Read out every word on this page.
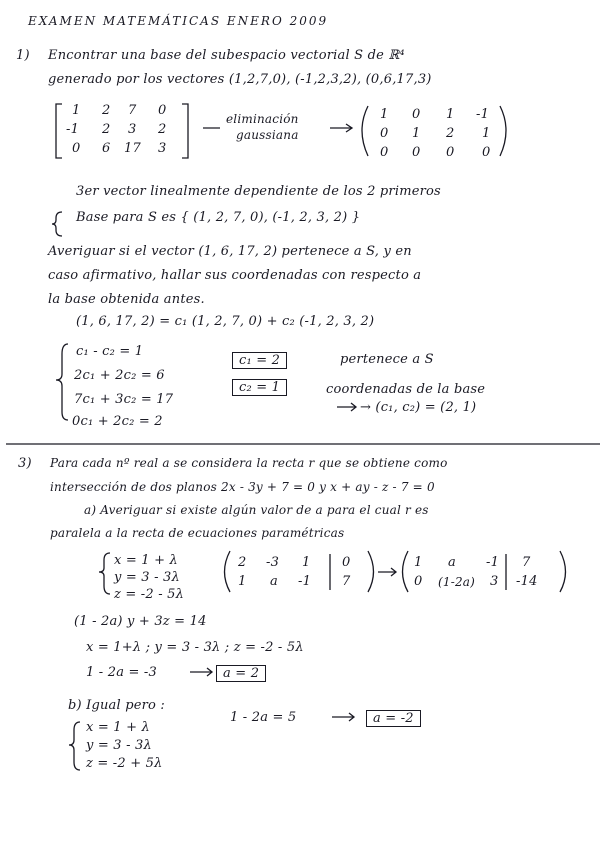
EXAMEN MATEMÁTICAS ENERO 2009
1) Encontrar una base del subespacio vectorial S de ℝ⁴
generado por los vectores (1,2,7,0), (-1,2,3,2), (0,6,17,3)
1 2 7 0
-1 2 3 2
0 6 17 3
eliminación
gaussiana
1 0 1 -1
0 1 2 1
0 0 0 0
3er vector linealmente dependiente de los 2 primeros
Base para S es { (1, 2, 7, 0), (-1, 2, 3, 2) }
Averiguar si el vector (1, 6, 17, 2) pertenece a S, y en
caso afirmativo, hallar sus coordenadas con respecto a
la base obtenida antes.
(1, 6, 17, 2) = c₁ (1, 2, 7, 0) + c₂ (-1, 2, 3, 2)
c₁ - c₂ = 1
2c₁ + 2c₂ = 6
7c₁ + 3c₂ = 17
0c₁ + 2c₂ = 2
c₁ = 2
c₂ = 1
pertenece a S
coordenadas de la base
→ (c₁, c₂) = (2, 1)
3) Para cada nº real a se considera la recta r que se obtiene como
intersección de dos planos 2x - 3y + 7 = 0 y x + ay - z - 7 = 0
a) Averiguar si existe algún valor de a para el cual r es
paralela a la recta de ecuaciones paramétricas
x = 1 + λ
y = 3 - 3λ
z = -2 - 5λ
2 -3 1 0
1 a -1 7
1 a -1 7
0 (1-2a) 3 -14
(1 - 2a) y + 3z = 14
x = 1+λ ; y = 3 - 3λ ; z = -2 - 5λ
1 - 2a = -3	a = 2
b) Igual pero :
1 - 2a = 5	a = -2
x = 1 + λ
y = 3 - 3λ
z = -2 + 5λ
